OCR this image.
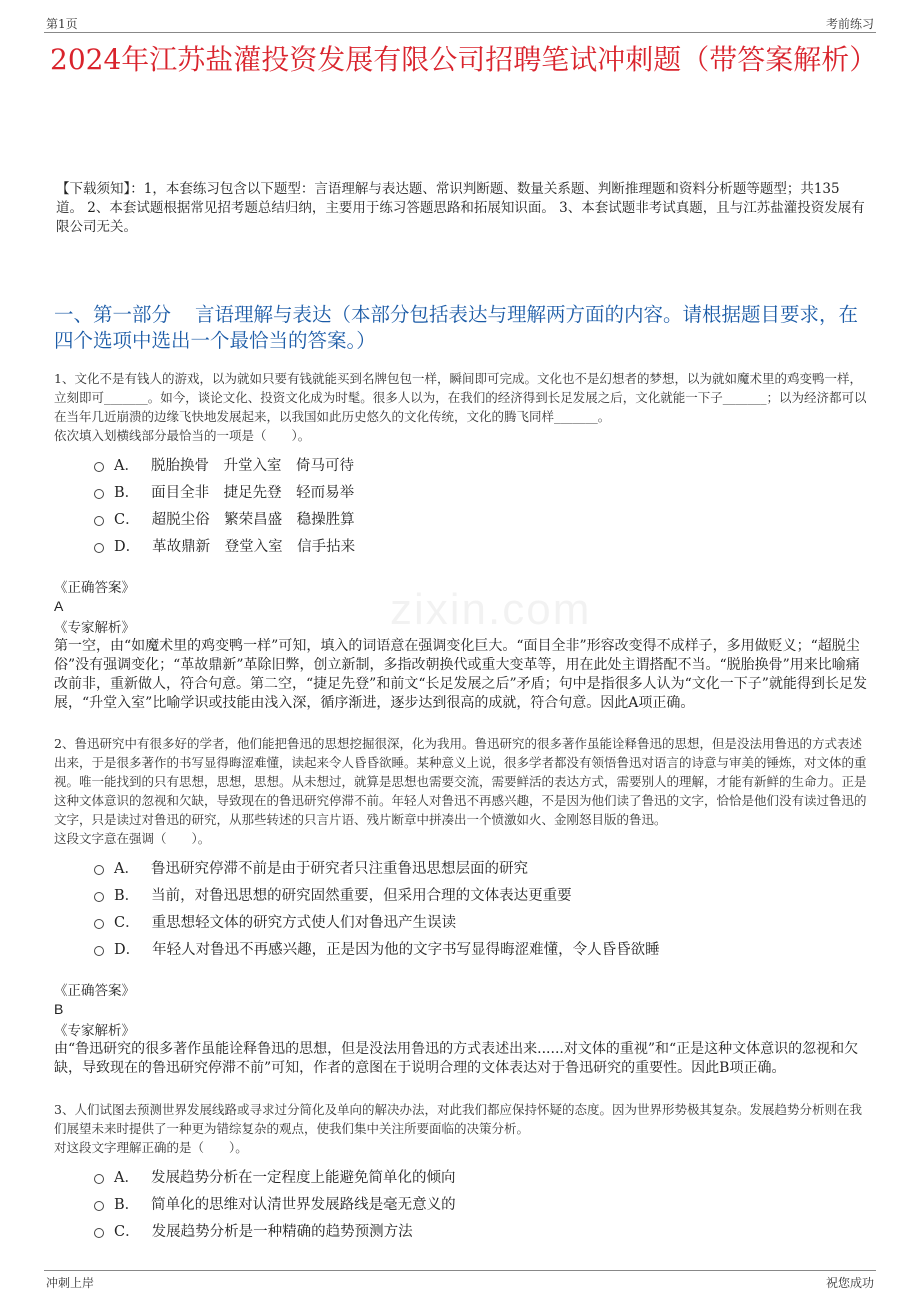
第1页	考前练习
2024年江苏盐灌投资发展有限公司招聘笔试冲刺题（带答案解析）
【下载须知】：1，本套练习包含以下题型：言语理解与表达题、常识判断题、数量关系题、判断推理题和资料分析题等题型；共135道。 2、本套试题根据常见招考题总结归纳，主要用于练习答题思路和拓展知识面。 3、本套试题非考试真题，且与江苏盐灌投资发展有限公司无关。
一、第一部分 言语理解与表达（本部分包括表达与理解两方面的内容。请根据题目要求，在四个选项中选出一个最恰当的答案。）
zixin.com
1、文化不是有钱人的游戏，以为就如只要有钱就能买到名牌包包一样，瞬间即可完成。文化也不是幻想者的梦想，以为就如魔术里的鸡变鸭一样，立刻即可_______。如今，谈论文化、投资文化成为时髦。很多人以为，在我们的经济得到长足发展之后，文化就能一下子_______；以为经济都可以在当年几近崩溃的边缘飞快地发展起来，以我国如此历史悠久的文化传统，文化的腾飞同样_______。
依次填入划横线部分最恰当的一项是（　　）。
A． 脱胎换骨　升堂入室　倚马可待
B． 面目全非　捷足先登　轻而易举
C． 超脱尘俗　繁荣昌盛　稳操胜算
D． 革故鼎新　登堂入室　信手拈来
《正确答案》
A
《专家解析》
第一空，由“如魔术里的鸡变鸭一样”可知，填入的词语意在强调变化巨大。“面目全非”形容改变得不成样子，多用做贬义；“超脱尘俗”没有强调变化；“革故鼎新”革除旧弊，创立新制，多指改朝换代或重大变革等，用在此处主谓搭配不当。“脱胎换骨”用来比喻痛改前非，重新做人，符合句意。第二空，“捷足先登”和前文“长足发展之后”矛盾；句中是指很多人认为“文化一下子”就能得到长足发展，“升堂入室”比喻学识或技能由浅入深，循序渐进，逐步达到很高的成就，符合句意。因此A项正确。
2、鲁迅研究中有很多好的学者，他们能把鲁迅的思想挖掘很深，化为我用。鲁迅研究的很多著作虽能诠释鲁迅的思想，但是没法用鲁迅的方式表述出来，于是很多著作的书写显得晦涩难懂，读起来令人昏昏欲睡。某种意义上说，很多学者都没有领悟鲁迅对语言的诗意与审美的锤炼，对文体的重视。唯一能找到的只有思想，思想，思想。从未想过，就算是思想也需要交流，需要鲜活的表达方式，需要别人的理解，才能有新鲜的生命力。正是这种文体意识的忽视和欠缺，导致现在的鲁迅研究停滞不前。年轻人对鲁迅不再感兴趣，不是因为他们读了鲁迅的文字，恰恰是他们没有读过鲁迅的文字，只是读过对鲁迅的研究，从那些转述的只言片语、残片断章中拼凑出一个愤激如火、金刚怒目版的鲁迅。
这段文字意在强调（　　）。
A． 鲁迅研究停滞不前是由于研究者只注重鲁迅思想层面的研究
B． 当前，对鲁迅思想的研究固然重要，但采用合理的文体表达更重要
C． 重思想轻文体的研究方式使人们对鲁迅产生误读
D． 年轻人对鲁迅不再感兴趣，正是因为他的文字书写显得晦涩难懂，令人昏昏欲睡
《正确答案》
B
《专家解析》
由“鲁迅研究的很多著作虽能诠释鲁迅的思想，但是没法用鲁迅的方式表述出来......对文体的重视”和“正是这种文体意识的忽视和欠缺，导致现在的鲁迅研究停滞不前”可知，作者的意图在于说明合理的文体表达对于鲁迅研究的重要性。因此B项正确。
3、人们试图去预测世界发展线路或寻求过分简化及单向的解决办法，对此我们都应保持怀疑的态度。因为世界形势极其复杂。发展趋势分析则在我们展望未来时提供了一种更为错综复杂的观点，使我们集中关注所要面临的决策分析。
对这段文字理解正确的是（　　）。
A． 发展趋势分析在一定程度上能避免简单化的倾向
B． 简单化的思维对认清世界发展路线是毫无意义的
C． 发展趋势分析是一种精确的趋势预测方法
冲刺上岸	祝您成功
